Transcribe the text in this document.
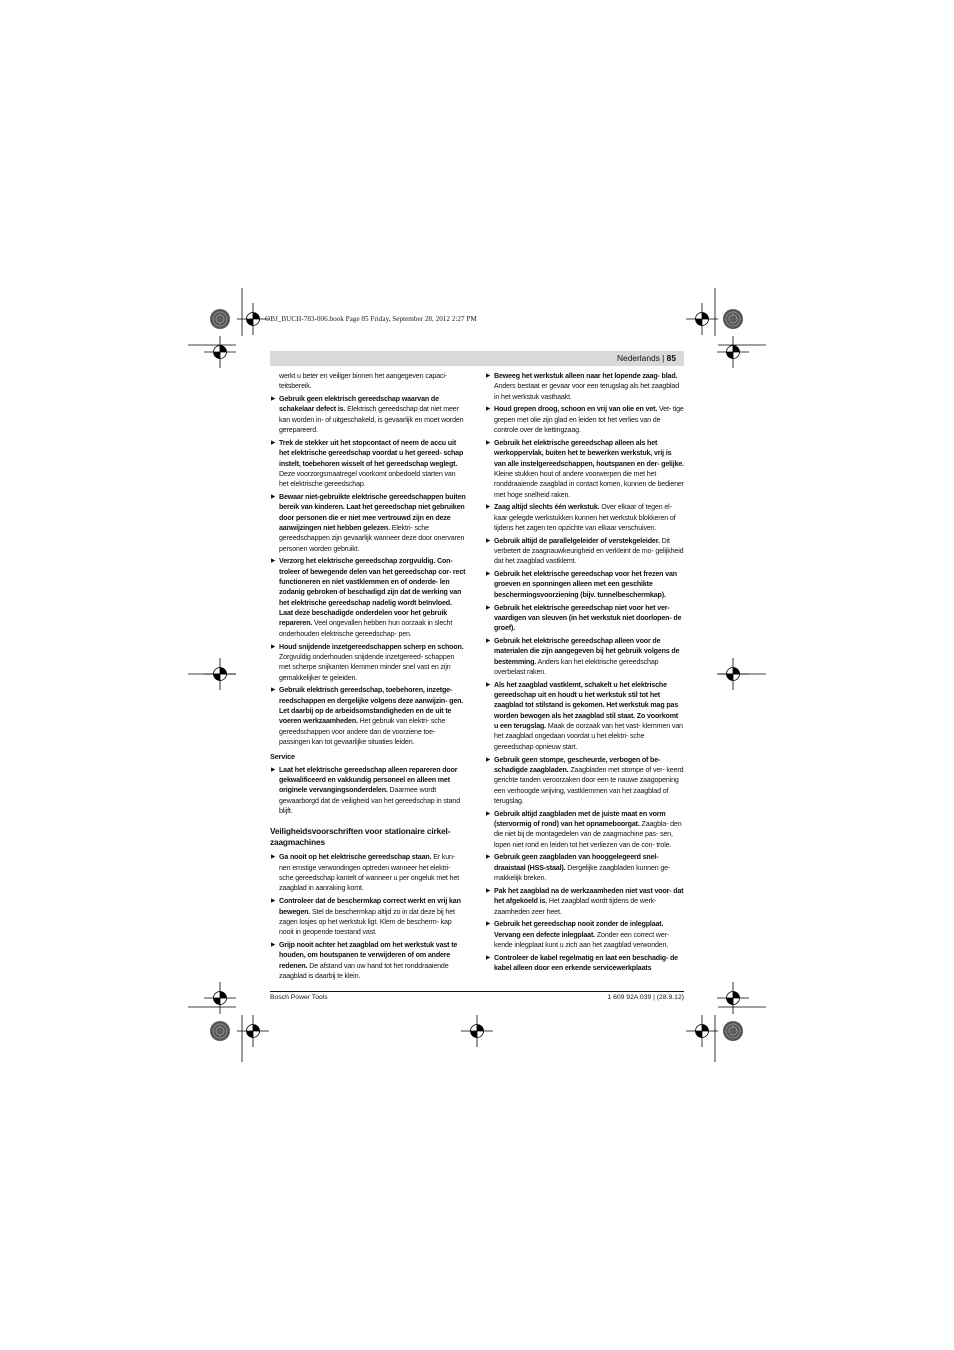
OBJ_BUCH-783-006.book Page 85 Friday, September 28, 2012 2:27 PM
Nederlands | 85
werkt u beter en veiliger binnen het aangegeven capaci- teitsbereik.
▶ Gebruik geen elektrisch gereedschap waarvan de schakelaar defect is. Elektrisch gereedschap dat niet meer kan worden in- of uitgeschakeld, is gevaarlijk en moet worden gerepareerd.
▶ Trek de stekker uit het stopcontact of neem de accu uit het elektrische gereedschap voordat u het gereed- schap instelt, toebehoren wisselt of het gereedschap weglegt. Deze voorzorgsmaatregel voorkomt onbedoeld starten van het elektrische gereedschap.
▶ Bewaar niet-gebruikte elektrische gereedschappen buiten bereik van kinderen. Laat het gereedschap niet gebruiken door personen die er niet mee vertrouwd zijn en deze aanwijzingen niet hebben gelezen. Elektri- sche gereedschappen zijn gevaarlijk wanneer deze door onervaren personen worden gebruikt.
▶ Verzorg het elektrische gereedschap zorgvuldig. Con- troleer of bewegende delen van het gereedschap cor- rect functioneren en niet vastklemmen en of onderde- len zodanig gebroken of beschadigd zijn dat de werking van het elektrische gereedschap nadelig wordt beïnvloed. Laat deze beschadigde onderdelen voor het gebruik repareren. Veel ongevallen hebben hun oorzaak in slecht onderhouden elektrische gereedschap- pen.
▶ Houd snijdende inzetgereedschappen scherp en schoon. Zorgvuldig onderhouden snijdende inzetgereed- schappen met scherpe snijkanten klemmen minder snel vast en zijn gemakkelijker te geleiden.
▶ Gebruik elektrisch gereedschap, toebehoren, inzetge- reedschappen en dergelijke volgens deze aanwijzin- gen. Let daarbij op de arbeidsomstandigheden en de uit te voeren werkzaamheden. Het gebruik van elektri- sche gereedschappen voor andere dan de voorziene toe- passingen kan tot gevaarlijke situaties leiden.
Service
▶ Laat het elektrische gereedschap alleen repareren door gekwalificeerd en vakkundig personeel en alleen met originele vervangingsonderdelen. Daarmee wordt gewaarborgd dat de veiligheid van het gereedschap in stand blijft.
Veiligheidsvoorschriften voor stationaire cirkel- zaagmachines
▶ Ga nooit op het elektrische gereedschap staan. Er kun- nen ernstige verwondingen optreden wanneer het elektri- sche gereedschap kantelt of wanneer u per ongeluk met het zaagblad in aanraking komt.
▶ Controleer dat de beschermkap correct werkt en vrij kan bewegen. Stel de beschermkap altijd zo in dat deze bij het zagen losjes op het werkstuk ligt. Klem de bescherm- kap nooit in geopende toestand vast.
▶ Grijp nooit achter het zaagblad om het werkstuk vast te houden, om houtspanen te verwijderen of om andere redenen. De afstand van uw hand tot het ronddraaiende zaagblad is daarbij te klein.
▶ Beweeg het werkstuk alleen naar het lopende zaag- blad. Anders bestaat er gevaar voor een terugslag als het zaagblad in het werkstuk vasthaakt.
▶ Houd grepen droog, schoon en vrij van olie en vet. Vet- tige grepen met olie zijn glad en leiden tot het verlies van de controle over de kettingzaag.
▶ Gebruik het elektrische gereedschap alleen als het werkoppervlak, buiten het te bewerken werkstuk, vrij is van alle instelgereedschappen, houtspanen en der- gelijke. Kleine stukken hout of andere voorwerpen die met het ronddraaiende zaagblad in contact komen, kunnen de bediener met hoge snelheid raken.
▶ Zaag altijd slechts één werkstuk. Over elkaar of tegen el- kaar gelegde werkstukken kunnen het werkstuk blokkeren of tijdens het zagen ten opzichte van elkaar verschuiven.
▶ Gebruik altijd de parallelgeleider of verstekgeleider. Dit verbetert de zaagnauwkeurigheid en verkleint de mo- gelijkheid dat het zaagblad vastklemt.
▶ Gebruik het elektrische gereedschap voor het frezen van groeven en sponningen alleen met een geschikte beschermingsvoorziening (bijv. tunnelbeschermkap).
▶ Gebruik het elektrische gereedschap niet voor het ver- vaardigen van sleuven (in het werkstuk niet doorlopen- de groef).
▶ Gebruik het elektrische gereedschap alleen voor de materialen die zijn aangegeven bij het gebruik volgens de bestemming. Anders kan het elektrische gereedschap overbelast raken.
▶ Als het zaagblad vastklemt, schakelt u het elektrische gereedschap uit en houdt u het werkstuk stil tot het zaagblad tot stilstand is gekomen. Het werkstuk mag pas worden bewogen als het zaagblad stil staat. Zo voorkomt u een terugslag. Maak de oorzaak van het vast- klemmen van het zaagblad ongedaan voordat u het elektri- sche gereedschap opnieuw start.
▶ Gebruik geen stompe, gescheurde, verbogen of be- schadigde zaagbladen. Zaagbladen met stompe of ver- keerd gerichte tanden veroorzaken door een te nauwe zaagopening een verhoogde wrijving, vastklemmen van het zaagblad of terugslag.
▶ Gebruik altijd zaagbladen met de juiste maat en vorm (stervormig of rond) van het opnameboorgat. Zaagbla- den die niet bij de montagedelen van de zaagmachine pas- sen, lopen niet rond en leiden tot het verliezen van de con- trole.
▶ Gebruik geen zaagbladen van hooggelegeerd snel- draaistaal (HSS-staal). Dergelijke zaagbladen kunnen ge- makkelijk breken.
▶ Pak het zaagblad na de werkzaamheden niet vast voor- dat het afgekoeld is. Het zaagblad wordt tijdens de werk- zaamheden zeer heet.
▶ Gebruik het gereedschap nooit zonder de inlegplaat. Vervang een defecte inlegplaat. Zonder een correct wer- kende inlegplaat kunt u zich aan het zaagblad verwonden.
▶ Controleer de kabel regelmatig en laat een beschadig- de kabel alleen door een erkende servicewerkplaats
Bosch Power Tools	1 609 92A 039 | (28.9.12)
